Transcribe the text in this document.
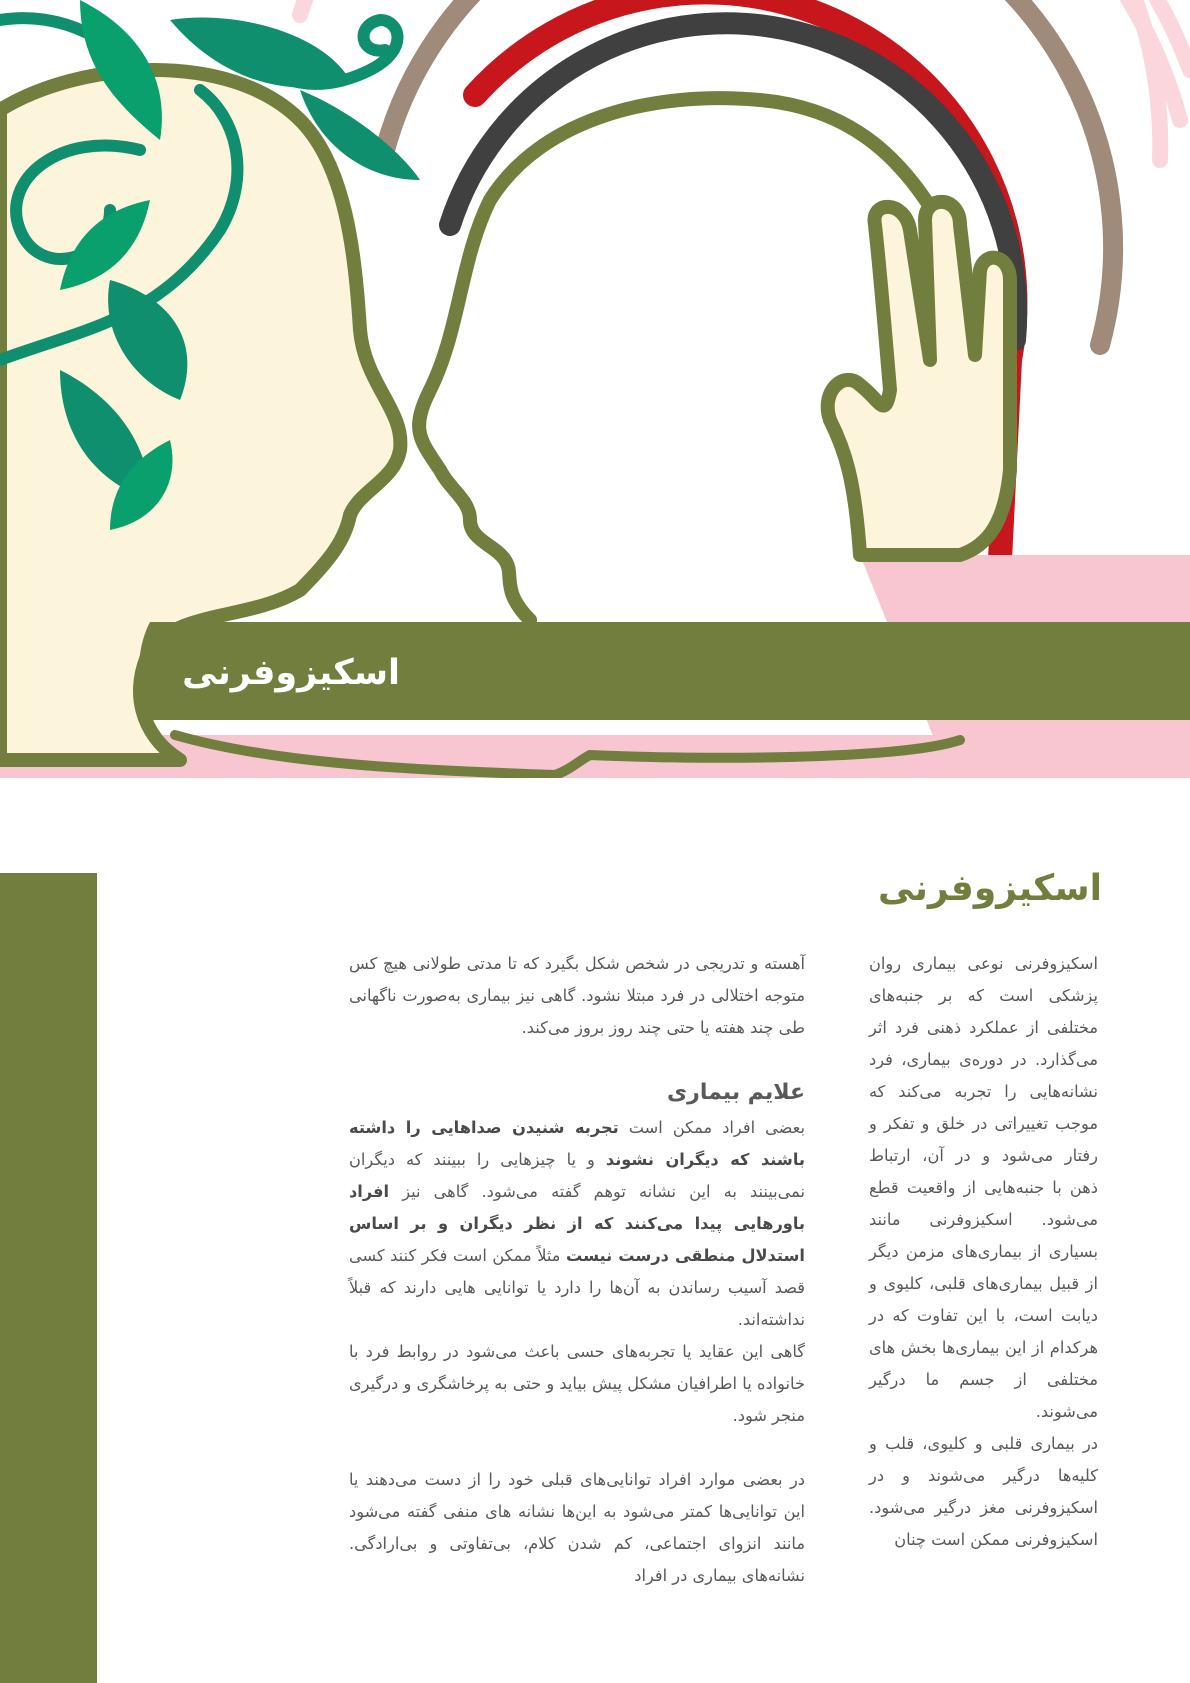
اسکیزوفرنی
اسکیزوفرنی

اسکیزوفرنی نوعی بیماری روان پزشکی است که بر جنبه‌های مختلفی از عملکرد ذهنی فرد اثر می‌گذارد. در دوره‌ی بیماری، فرد نشانه‌هایی را تجربه می‌کند که موجب تغییراتی در خلق و تفکر و رفتار می‌شود و در آن، ارتباط ذهن با جنبه‌هایی از واقعیت قطع می‌شود. اسکیزوفرنی مانند بسیاری از بیماری‌های مزمن دیگر از قبیل بیماری‌های قلبی، کلیوی و دیابت است، با این تفاوت که در هرکدام از این بیماری‌ها بخش های مختلفی از جسم ما درگیر می‌شوند.

در بیماری قلبی و کلیوی، قلب و کلیه‌ها درگیر می‌شوند و در اسکیزوفرنی مغز درگیر می‌شود. اسکیزوفرنی ممکن است چنان

آهسته و تدریجی در شخص شکل بگیرد که تا مدتی طولانی هیچ کس متوجه اختلالی در فرد مبتلا نشود. گاهی نیز بیماری به‌صورت ناگهانی طی چند هفته یا حتی چند روز بروز می‌کند.

علایم بیماری

بعضی افراد ممکن است تجربه شنیدن صداهایی را داشته باشند که دیگران نشوند و یا چیزهایی را ببینند که دیگران نمی‌بینند به این نشانه توهم گفته می‌شود. گاهی نیز افراد باورهایی پیدا می‌کنند که از نظر دیگران و بر اساس استدلال منطقی درست نیست مثلاً ممکن است فکر کنند کسی قصد آسیب رساندن به آن‌ها را دارد یا توانایی هایی دارند که قبلاً نداشته‌اند.

گاهی این عقاید یا تجربه‌های حسی باعث می‌شود در روابط فرد با خانواده یا اطرافیان مشکل پیش بیاید و حتی به پرخاشگری و درگیری منجر شود.

در بعضی موارد افراد توانایی‌های قبلی خود را از دست می‌دهند یا این توانایی‌ها کمتر می‌شود به این‌ها نشانه های منفی گفته می‌شود مانند انزوای اجتماعی، کم شدن کلام، بی‌تفاوتی و بی‌ارادگی. نشانه‌های بیماری در افراد
